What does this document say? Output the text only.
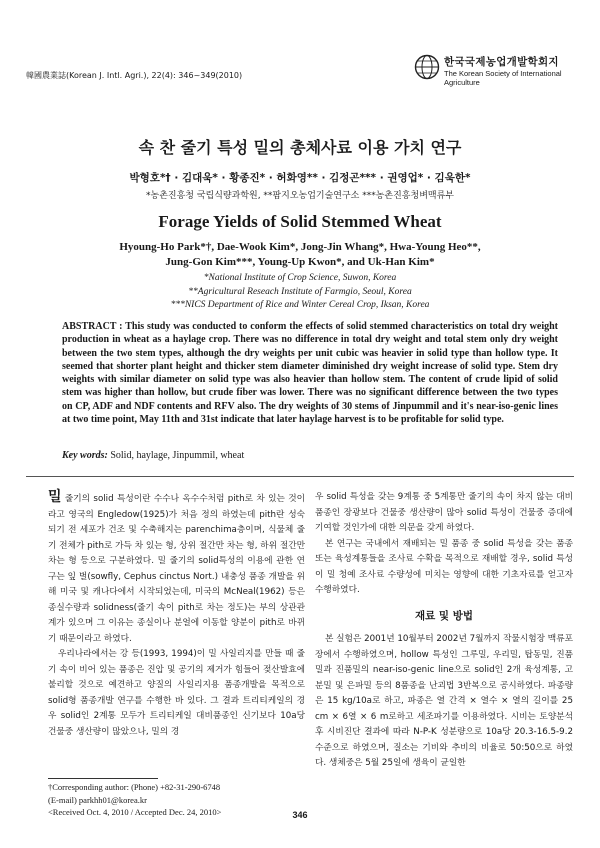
韓國農業誌(Korean J. Intl. Agri.), 22(4): 346~349(2010)
한국국제농업개발학회지
The Korean Society of International
Agriculture
속 찬 줄기 특성 밀의 총체사료 이용 가치 연구
박형호*† · 김대욱* · 황종진* · 허화영** · 김정곤*** · 권영업* · 김욱한*
*농촌진흥청 국립식량과학원, **팜지오농업기술연구소 ***농촌진흥청벼맥류부
Forage Yields of Solid Stemmed Wheat
Hyoung-Ho Park*†, Dae-Wook Kim*, Jong-Jin Whang*, Hwa-Young Heo**,
Jung-Gon Kim***, Young-Up Kwon*, and Uk-Han Kim*
*National Institute of Crop Science, Suwon, Korea
**Agricultural Reseach Institute of Farmgio, Seoul, Korea
***NICS Department of Rice and Winter Cereal Crop, Iksan, Korea
ABSTRACT : This study was conducted to conform the effects of solid stemmed characteristics on total dry weight production in wheat as a haylage crop. There was no difference in total dry weight and total stem only dry weight between the two stem types, although the dry weights per unit cubic was heavier in solid type than hollow type. It seemed that shorter plant height and thicker stem diameter diminished dry weight increase of solid type. Stem dry weights with similar diameter on solid type was also heavier than hollow stem. The content of crude lipid of solid stem was higher than hollow, but crude fiber was lower. There was no significant difference between the two types on CP, ADF and NDF contents and RFV also. The dry weights of 30 stems of Jinpummil and it's near-iso-genic lines at two time point, May 11th and 31st indicate that later haylage harvest is to be profitable for solid type.
Key words: Solid, haylage, Jinpummil, wheat

밀 줄기의 solid 특성이란 수수나 옥수수처럼 pith로 차 있는 것이라고 영국의 Engledow(1925)가 처음 정의 하였는데 pith란 성숙되기 전 세포가 건조 및 수축해지는 parenchima층이며, 식물체 줄기 전체가 pith로 가득 차 있는 형, 상위 절간만 차는 형, 하위 절간만 차는 형 등으로 구분하였다. 밀 줄기의 solid특성의 이용에 관한 연구는 잎 벌(sowfly, Cephus cinctus Nort.) 내충성 품종 개발을 위해 미국 및 캐나다에서 시작되었는데, 미국의 McNeal(1962) 등은 종실수량과 solidness(줄기 속이 pith로 차는 정도)는 부의 상관관계가 있으며 그 이유는 종실이나 분얼에 이동할 양분이 pith로 바뀌기 때문이라고 하였다.

우리나라에서는 강 등(1993, 1994)이 밀 사일리지를 만들 때 줄기 속이 비어 있는 품종은 진압 및 공기의 제거가 힘들어 젖산발효에 불리할 것으로 예견하고 양질의 사일리지용 품종개발을 목적으로 solid형 품종개발 연구를 수행한 바 있다. 그 결과 트리티케일의 경우 solid인 2계통 모두가 트리티케일 대비품종인 신기보다 10a당 건물중 생산량이 많았으나, 밀의 경

우 solid 특성을 갖는 9계통 중 5계통만 줄기의 속이 차지 않는 대비품종인 장광보다 건물중 생산량이 많아 solid 특성이 건물중 증대에 기여할 것인가에 대한 의문을 갖게 하였다.

본 연구는 국내에서 재배되는 밀 품종 중 solid 특성을 갖는 품종 또는 육성계통들을 조사료 수확을 목적으로 재배할 경우, solid 특성이 밀 청예 조사료 수량성에 미치는 영향에 대한 기초자료를 얻고자 수행하였다.

재료 및 방법

본 실험은 2001년 10월부터 2002년 7월까지 작물시험장 맥류포장에서 수행하였으며, hollow 특성인 그루밀, 우리밀, 탑동밀, 진품밀과 진품밀의 near-iso-genic line으로 solid인 2개 육성계통, 고분밀 및 은파밀 등의 8품종을 난괴법 3반복으로 공시하였다. 파종량은 15 kg/10a로 하고, 파종은 열 간격 × 열수 × 열의 길이를 25 cm × 6열 × 6 m로하고 세조파기를 이용하였다. 시비는 토양분석 후 시비진단 결과에 따라 N-P-K 성분량으로 10a당 20.3-16.5-9.2 수준으로 하였으며, 질소는 기비와 추비의 비율로 50:50으로 하였다. 생체중은 5월 25일에 생육이 균일한

†Corresponding author: (Phone) +82-31-290-6748
(E-mail) parkhh01@korea.kr
<Received Oct. 4, 2010 / Accepted Dec. 24, 2010>	346
